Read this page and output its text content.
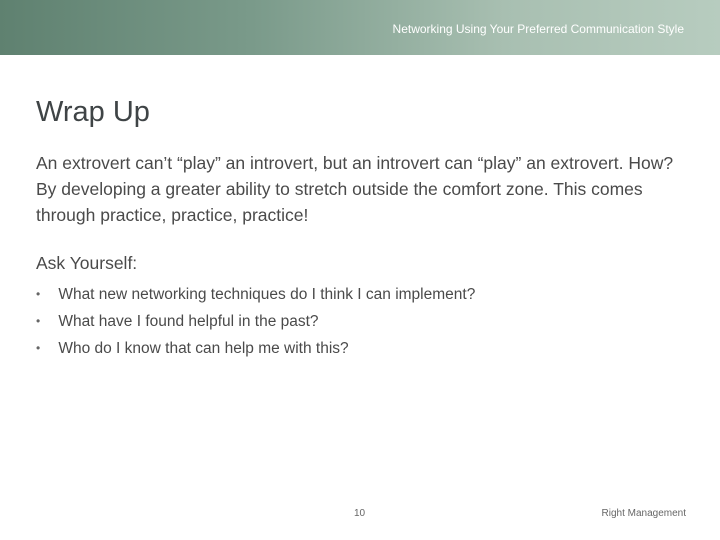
Networking Using Your Preferred Communication Style
Wrap Up

An extrovert can’t “play” an introvert, but an introvert can “play” an extrovert. How? By developing a greater ability to stretch outside the comfort zone. This comes through practice, practice, practice!

Ask Yourself:

• What new networking techniques do I think I can implement?
• What have I found helpful in the past?
• Who do I know that can help me with this?
10	Right Management
